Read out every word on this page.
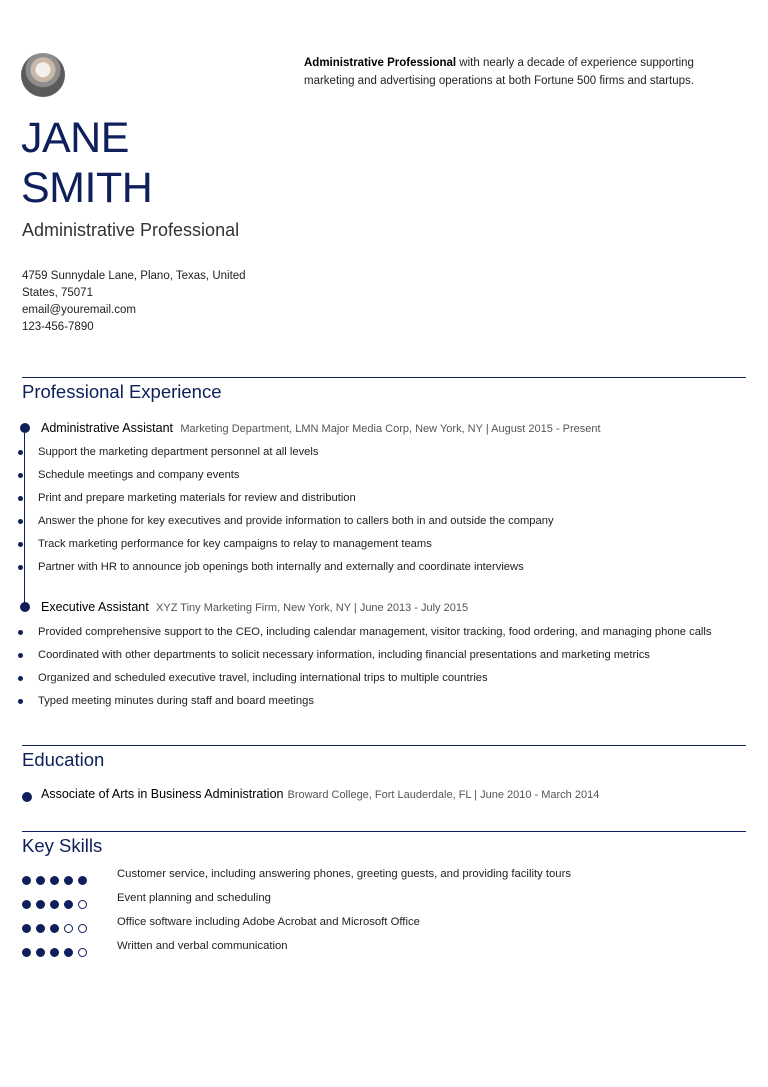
Administrative Professional with nearly a decade of experience supporting marketing and advertising operations at both Fortune 500 firms and startups.
JANE
SMITH
Administrative Professional
4759 Sunnydale Lane, Plano, Texas, United
States, 75071
email@youremail.com
123-456-7890
Professional Experience
Administrative Assistant Marketing Department, LMN Major Media Corp, New York, NY | August 2015 - Present
Support the marketing department personnel at all levels
Schedule meetings and company events
Print and prepare marketing materials for review and distribution
Answer the phone for key executives and provide information to callers both in and outside the company
Track marketing performance for key campaigns to relay to management teams
Partner with HR to announce job openings both internally and externally and coordinate interviews
Executive Assistant XYZ Tiny Marketing Firm, New York, NY | June 2013 - July 2015
Provided comprehensive support to the CEO, including calendar management, visitor tracking, food ordering, and managing phone calls
Coordinated with other departments to solicit necessary information, including financial presentations and marketing metrics
Organized and scheduled executive travel, including international trips to multiple countries
Typed meeting minutes during staff and board meetings
Education
Associate of Arts in Business Administration Broward College, Fort Lauderdale, FL | June 2010 - March 2014
Key Skills
Customer service, including answering phones, greeting guests, and providing facility tours
Event planning and scheduling
Office software including Adobe Acrobat and Microsoft Office
Written and verbal communication
